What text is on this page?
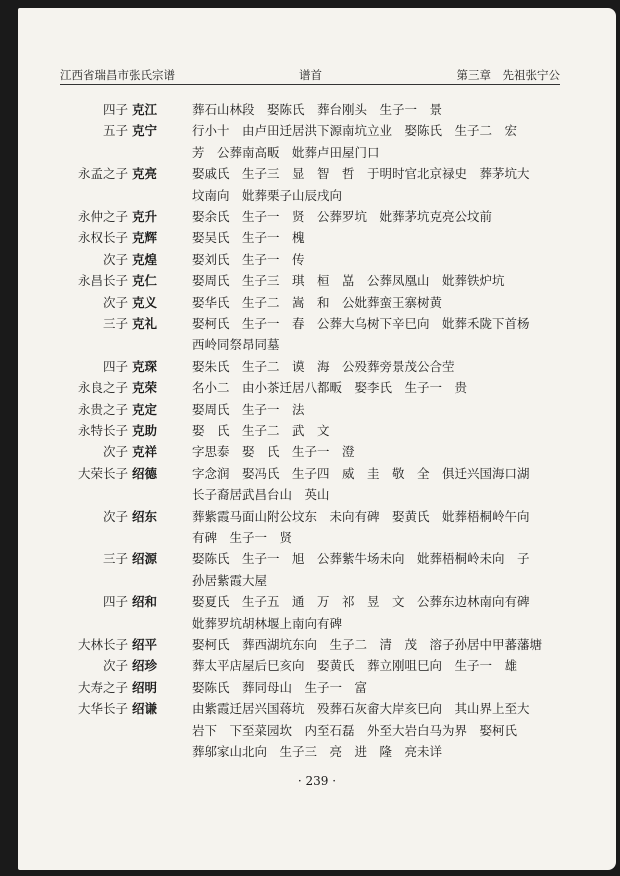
江西省瑞昌市张氏宗谱	谱首	第三章　先祖张宁公
四子 克江	葬石山林段　娶陈氏　葬台刚头　生子一　景
五子 克宁	行小十　由卢田迁居洪下源南坑立业　娶陈氏　生子二　宏
芳　公葬南高畈　妣葬卢田屋门口
永孟之子 克亮	娶戚氏　生子三　显　智　哲　于明时官北京禄史　葬茅坑大
坟南向　妣葬栗子山辰戌向
永仲之子 克升	娶余氏　生子一　贤　公葬罗坑　妣葬茅坑克亮公坟前
永权长子 克辉	娶吴氏　生子一　槐
次子 克煌	娶刘氏　生子一　传
永昌长子 克仁	娶周氏　生子三　琪　桓　嵓　公葬凤凰山　妣葬铁炉坑
次子 克义	娶华氏　生子二　嵩　和　公妣葬蛮王寨树黄
三子 克礼	娶柯氏　生子一　春　公葬大乌树下辛巳向　妣葬禾陇下首杨
西岭同祭昂同墓
四子 克琛	娶朱氏　生子二　谟　海　公殁葬旁景茂公合茔
永良之子 克荣	名小二　由小茶迁居八都畈　娶李氏　生子一　贵
永贵之子 克定	娶周氏　生子一　法
永特长子 克助	娶　氏　生子二　武　文
次子 克祥	字思泰　娶　氏　生子一　澄
大荣长子 绍德	字念润　娶冯氏　生子四　威　圭　敬　全　俱迁兴国海口湖
长子裔居武昌台山　英山
次子 绍东	葬紫霞马面山附公坟东　未向有碑　娶黄氏　妣葬梧桐岭午向
有碑　生子一　贤
三子 绍源	娶陈氏　生子一　旭　公葬紫牛场未向　妣葬梧桐岭未向　子
孙居紫霞大屋
四子 绍和	娶夏氏　生子五　通　万　祁　昱　文　公葬东边林南向有碑
妣葬罗坑胡林堰上南向有碑
大林长子 绍平	娶柯氏　葬西湖坑东向　生子二　清　茂　溶子孙居中甲蕃藩塘
次子 绍珍	葬太平店屋后巳亥向　娶黄氏　葬立刚咀巳向　生子一　雄
大寿之子 绍明	娶陈氏　葬同母山　生子一　富
大华长子 绍谦	由紫霞迁居兴国蒋坑　殁葬石灰畲大岸亥巳向　其山界上至大
岩下　下至菜园坎　内至石磊　外至大岩白马为界　娶柯氏
葬邬家山北向　生子三　亮　进　隆　亮未详
· 239 ·
